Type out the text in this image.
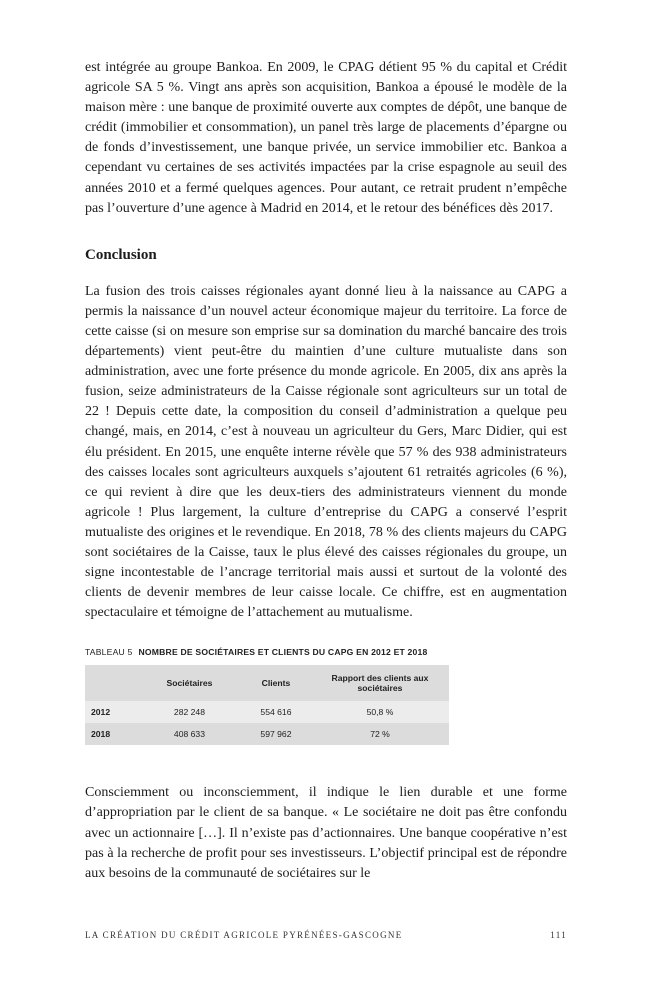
est intégrée au groupe Bankoa. En 2009, le CPAG détient 95 % du capital et Crédit agricole SA 5 %. Vingt ans après son acquisition, Bankoa a épousé le modèle de la maison mère : une banque de proximité ouverte aux comptes de dépôt, une banque de crédit (immobilier et consommation), un panel très large de placements d’épargne ou de fonds d’investissement, une banque privée, un service immobilier etc. Bankoa a cependant vu certaines de ses activités impactées par la crise espagnole au seuil des années 2010 et a fermé quelques agences. Pour autant, ce retrait prudent n’empêche pas l’ouverture d’une agence à Madrid en 2014, et le retour des bénéfices dès 2017.

Conclusion

La fusion des trois caisses régionales ayant donné lieu à la naissance au CAPG a permis la naissance d’un nouvel acteur économique majeur du territoire. La force de cette caisse (si on mesure son emprise sur sa domination du marché bancaire des trois départements) vient peut-être du maintien d’une culture mutualiste dans son administration, avec une forte présence du monde agricole. En 2005, dix ans après la fusion, seize administrateurs de la Caisse régionale sont agriculteurs sur un total de 22 ! Depuis cette date, la composition du conseil d’administration a quelque peu changé, mais, en 2014, c’est à nouveau un agriculteur du Gers, Marc Didier, qui est élu président. En 2015, une enquête interne révèle que 57 % des 938 administrateurs des caisses locales sont agriculteurs auxquels s’ajoutent 61 retraités agricoles (6 %), ce qui revient à dire que les deux-tiers des administrateurs viennent du monde agricole ! Plus largement, la culture d’entreprise du CAPG a conservé l’esprit mutualiste des origines et le revendique. En 2018, 78 % des clients majeurs du CAPG sont sociétaires de la Caisse, taux le plus élevé des caisses régionales du groupe, un signe incontestable de l’ancrage territorial mais aussi et surtout de la volonté des clients de devenir membres de leur caisse locale. Ce chiffre, est en augmentation spectaculaire et témoigne de l’attachement au mutualisme.

TABLEAU 5 NOMBRE DE SOCIÉTAIRES ET CLIENTS DU CAPG EN 2012 ET 2018
	Sociétaires	Clients	Rapport des clients aux sociétaires
2012	282 248	554 616	50,8 %
2018	408 633	597 962	72 %

Consciemment ou inconsciemment, il indique le lien durable et une forme d’appropriation par le client de sa banque. « Le sociétaire ne doit pas être confondu avec un actionnaire […]. Il n’existe pas d’actionnaires. Une banque coopérative n’est pas à la recherche de profit pour ses investisseurs. L’objectif principal est de répondre aux besoins de la communauté de sociétaires sur le

LA CRÉATION DU CRÉDIT AGRICOLE PYRÉNÉES-GASCOGNE	111
